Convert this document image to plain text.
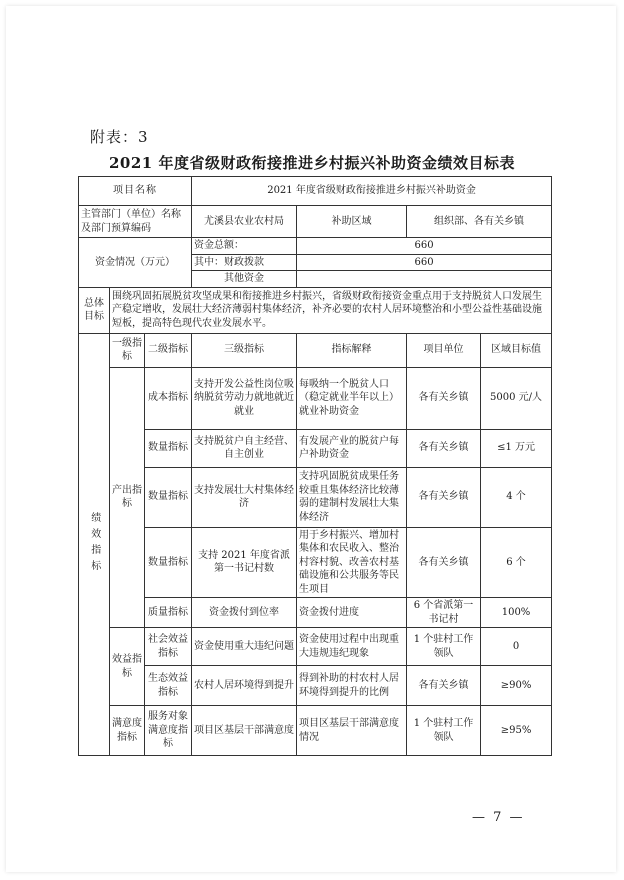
附表：3
2021 年度省级财政衔接推进乡村振兴补助资金绩效目标表
项目名称			2021 年度省级财政衔接推进乡村振兴补助资金			
主管部门（单位）名称及部门预算编码			尤溪县农业农村局	补助区域	组织部、各有关乡镇	
资金情况（万元）			资金总额：	660		
			其中：财政拨款	660		
			其他资金			
总体目标	围绕巩固拓展脱贫攻坚成果和衔接推进乡村振兴，省级财政衔接资金重点用于支持脱贫人口发展生产稳定增收，发展壮大经济薄弱村集体经济，补齐必要的农村人居环境整治和小型公益性基础设施短板，提高特色现代农业发展水平。					

绩效指标	一级指标	二级指标	三级指标	指标解释	项目单位	区域目标值
	产出指标	成本指标	支持开发公益性岗位吸纳脱贫劳动力就地就近就业	每吸纳一个脱贫人口（稳定就业半年以上）就业补助资金	各有关乡镇	5000 元/人
		数量指标	支持脱贫户自主经营、自主创业	有发展产业的脱贫户每户补助资金	各有关乡镇	≤1 万元
		数量指标	支持发展壮大村集体经济	支持巩固脱贫成果任务较重且集体经济比较薄弱的建制村发展壮大集体经济	各有关乡镇	4 个
		数量指标	支持 2021 年度省派第一书记村数	用于乡村振兴、增加村集体和农民收入、整治村容村貌、改善农村基础设施和公共服务等民生项目	各有关乡镇	6 个
		质量指标	资金拨付到位率	资金拨付进度	6 个省派第一书记村	100%
	效益指标	社会效益指标	资金使用重大违纪问题	资金使用过程中出现重大违规违纪现象	1 个驻村工作领队	0
		生态效益指标	农村人居环境得到提升	得到补助的村农村人居环境得到提升的比例	各有关乡镇	≥90%
	满意度指标	服务对象满意度指标	项目区基层干部满意度	项目区基层干部满意度情况	1 个驻村工作领队	≥95%
— 7 —
